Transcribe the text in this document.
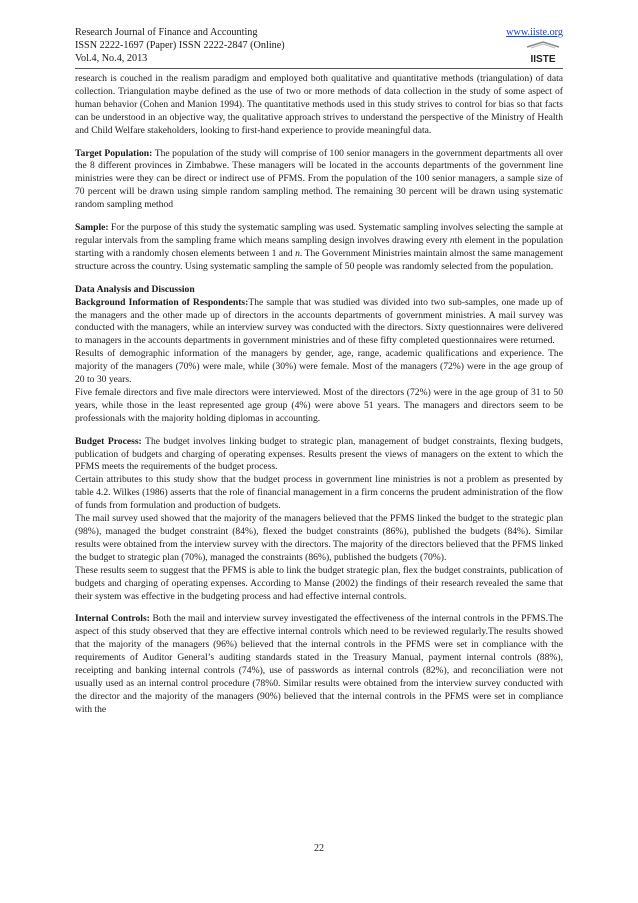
Research Journal of Finance and Accounting
ISSN 2222-1697 (Paper) ISSN 2222-2847 (Online)
Vol.4, No.4, 2013
www.iiste.org
IISTE

research is couched in the realism paradigm and employed both qualitative and quantitative methods (triangulation) of data collection. Triangulation maybe defined as the use of two or more methods of data collection in the study of some aspect of human behavior (Cohen and Manion 1994). The quantitative methods used in this study strives to control for bias so that facts can be understood in an objective way, the qualitative approach strives to understand the perspective of the Ministry of Health and Child Welfare stakeholders, looking to first-hand experience to provide meaningful data.

Target Population: The population of the study will comprise of 100 senior managers in the government departments all over the 8 different provinces in Zimbabwe. These managers will be located in the accounts departments of the government line ministries were they can be direct or indirect use of PFMS. From the population of the 100 senior managers, a sample size of 70 percent will be drawn using simple random sampling method. The remaining 30 percent will be drawn using systematic random sampling method

Sample: For the purpose of this study the systematic sampling was used. Systematic sampling involves selecting the sample at regular intervals from the sampling frame which means sampling design involves drawing every nth element in the population starting with a randomly chosen elements between 1 and n. The Government Ministries maintain almost the same management structure across the country. Using systematic sampling the sample of 50 people was randomly selected from the population.

Data Analysis and Discussion

Background Information of Respondents:The sample that was studied was divided into two sub-samples, one made up of the managers and the other made up of directors in the accounts departments of government ministries. A mail survey was conducted with the managers, while an interview survey was conducted with the directors. Sixty questionnaires were delivered to managers in the accounts departments in government ministries and of these fifty completed questionnaires were returned.

Results of demographic information of the managers by gender, age, range, academic qualifications and experience. The majority of the managers (70%) were male, while (30%) were female. Most of the managers (72%) were in the age group of 20 to 30 years.

Five female directors and five male directors were interviewed. Most of the directors (72%) were in the age group of 31 to 50 years, while those in the least represented age group (4%) were above 51 years. The managers and directors seem to be professionals with the majority holding diplomas in accounting.

Budget Process: The budget involves linking budget to strategic plan, management of budget constraints, flexing budgets, publication of budgets and charging of operating expenses. Results present the views of managers on the extent to which the PFMS meets the requirements of the budget process.

Certain attributes to this study show that the budget process in government line ministries is not a problem as presented by table 4.2. Wilkes (1986) asserts that the role of financial management in a firm concerns the prudent administration of the flow of funds from formulation and production of budgets.

The mail survey used showed that the majority of the managers believed that the PFMS linked the budget to the strategic plan (98%), managed the budget constraint (84%), flexed the budget constraints (86%), published the budgets (84%). Similar results were obtained from the interview survey with the directors. The majority of the directors believed that the PFMS linked the budget to strategic plan (70%), managed the constraints (86%), published the budgets (70%).

These results seem to suggest that the PFMS is able to link the budget strategic plan, flex the budget constraints, publication of budgets and charging of operating expenses. According to Manse (2002) the findings of their research revealed the same that their system was effective in the budgeting process and had effective internal controls.

Internal Controls: Both the mail and interview survey investigated the effectiveness of the internal controls in the PFMS.The aspect of this study observed that they are effective internal controls which need to be reviewed regularly.The results showed that the majority of the managers (96%) believed that the internal controls in the PFMS were set in compliance with the requirements of Auditor General’s auditing standards stated in the Treasury Manual, payment internal controls (88%), receipting and banking internal controls (74%), use of passwords as internal controls (82%), and reconciliation were not usually used as an internal control procedure (78%0. Similar results were obtained from the interview survey conducted with the director and the majority of the managers (90%) believed that the internal controls in the PFMS were set in compliance with the

22
